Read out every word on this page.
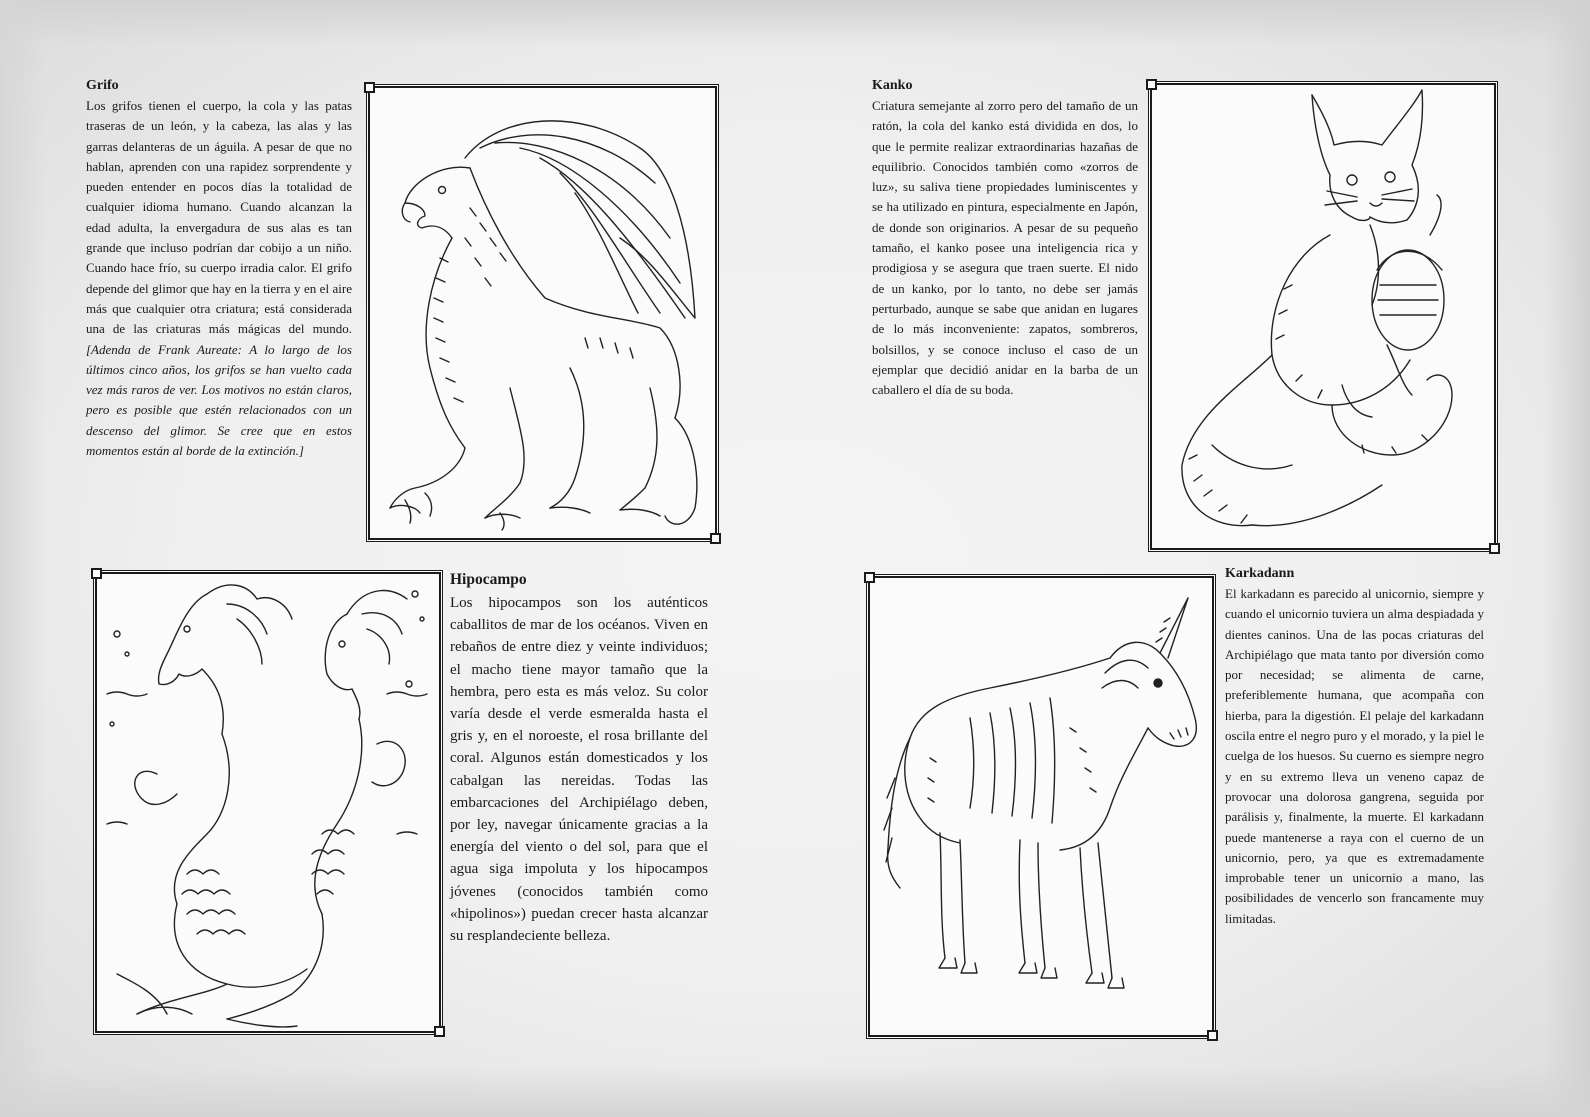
Grifo

Los grifos tienen el cuerpo, la cola y las patas traseras de un león, y la cabeza, las alas y las garras delanteras de un águila. A pesar de que no hablan, aprenden con una rapidez sorprendente y pueden entender en pocos días la totalidad de cualquier idioma humano. Cuando alcanzan la edad adulta, la envergadura de sus alas es tan grande que incluso podrían dar cobijo a un niño. Cuando hace frío, su cuerpo irradia calor. El grifo depende del glimor que hay en la tierra y en el aire más que cualquier otra criatura; está considerada una de las criaturas más mágicas del mundo. [Adenda de Frank Aureate: A lo largo de los últimos cinco años, los grifos se han vuelto cada vez más raros de ver. Los motivos no están claros, pero es posible que estén relacionados con un descenso del glimor. Se cree que en estos momentos están al borde de la extinción.]

Kanko

Criatura semejante al zorro pero del tamaño de un ratón, la cola del kanko está dividida en dos, lo que le permite realizar extraordinarias hazañas de equilibrio. Conocidos también como «zorros de luz», su saliva tiene propiedades luminiscentes y se ha utilizado en pintura, especialmente en Japón, de donde son originarios. A pesar de su pequeño tamaño, el kanko posee una inteligencia rica y prodigiosa y se asegura que traen suerte. El nido de un kanko, por lo tanto, no debe ser jamás perturbado, aunque se sabe que anidan en lugares de lo más inconveniente: zapatos, sombreros, bolsillos, y se conoce incluso el caso de un ejemplar que decidió anidar en la barba de un caballero el día de su boda.

Hipocampo

Los hipocampos son los auténticos caballitos de mar de los océanos. Viven en rebaños de entre diez y veinte individuos; el macho tiene mayor tamaño que la hembra, pero esta es más veloz. Su color varía desde el verde esmeralda hasta el gris y, en el noroeste, el rosa brillante del coral. Algunos están domesticados y los cabalgan las nereidas. Todas las embarcaciones del Archipiélago deben, por ley, navegar únicamente gracias a la energía del viento o del sol, para que el agua siga impoluta y los hipocampos jóvenes (conocidos también como «hipolinos») puedan crecer hasta alcanzar su resplandeciente belleza.

Karkadann

El karkadann es parecido al unicornio, siempre y cuando el unicornio tuviera un alma despiadada y dientes caninos. Una de las pocas criaturas del Archipiélago que mata tanto por diversión como por necesidad; se alimenta de carne, preferiblemente humana, que acompaña con hierba, para la digestión. El pelaje del karkadann oscila entre el negro puro y el morado, y la piel le cuelga de los huesos. Su cuerno es siempre negro y en su extremo lleva un veneno capaz de provocar una dolorosa gangrena, seguida por parálisis y, finalmente, la muerte. El karkadann puede mantenerse a raya con el cuerno de un unicornio, pero, ya que es extremadamente improbable tener un unicornio a mano, las posibilidades de vencerlo son francamente muy limitadas.
